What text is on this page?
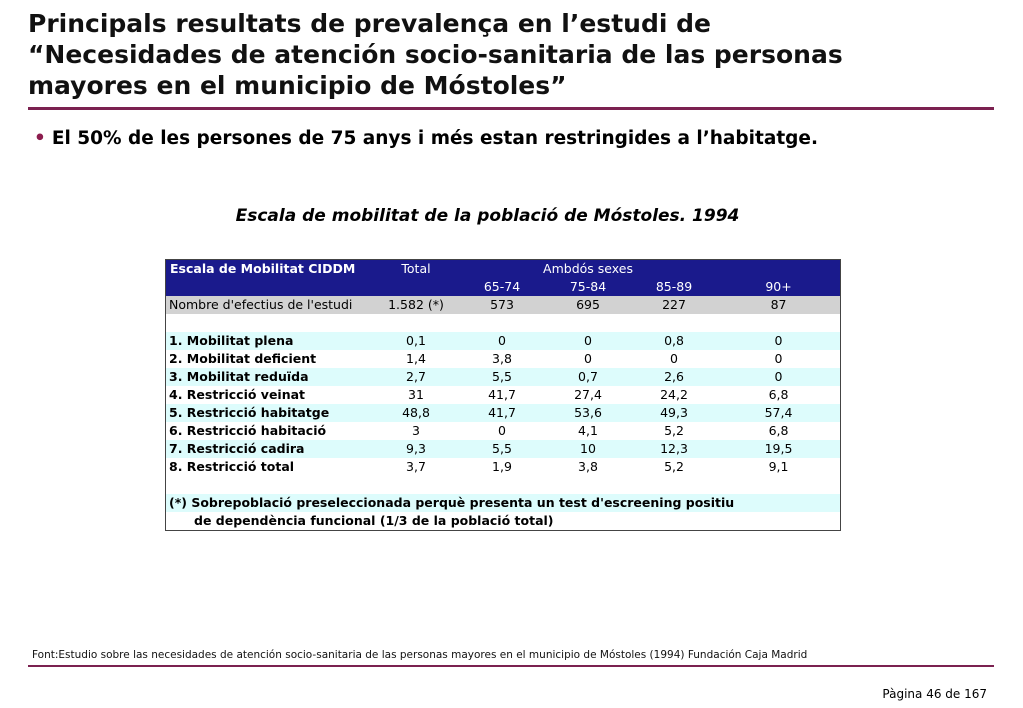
Principals resultats de prevalença en l’estudi de
“Necesidades de atención socio-sanitaria de las personas
mayores en el municipio de Móstoles”
• El 50% de les persones de 75 anys i més estan restringides a l’habitatge.
Escala de mobilitat de la població de Móstoles. 1994
Escala de Mobilitat CIDDM	Total	Ambdós sexes			
		65-74	75-84	85-89	90+
Nombre d'efectius de l'estudi	1.582 (*)	573	695	227	87

1. Mobilitat plena	0,1	0	0	0,8	0
2. Mobilitat deficient	1,4	3,8	0	0	0
3. Mobilitat reduïda	2,7	5,5	0,7	2,6	0
4. Restricció veinat	31	41,7	27,4	24,2	6,8
5. Restricció habitatge	48,8	41,7	53,6	49,3	57,4
6. Restricció habitació	3	0	4,1	5,2	6,8
7. Restricció cadira	9,3	5,5	10	12,3	19,5
8. Restricció total	3,7	1,9	3,8	5,2	9,1

(*) Sobrepoblació preseleccionada perquè presenta un test d'escreening positiu					
de dependència funcional (1/3 de la població total)					
Font:Estudio sobre las necesidades de atención socio-sanitaria de las personas mayores en el municipio de Móstoles (1994) Fundación Caja Madrid
Pàgina 46 de 167
